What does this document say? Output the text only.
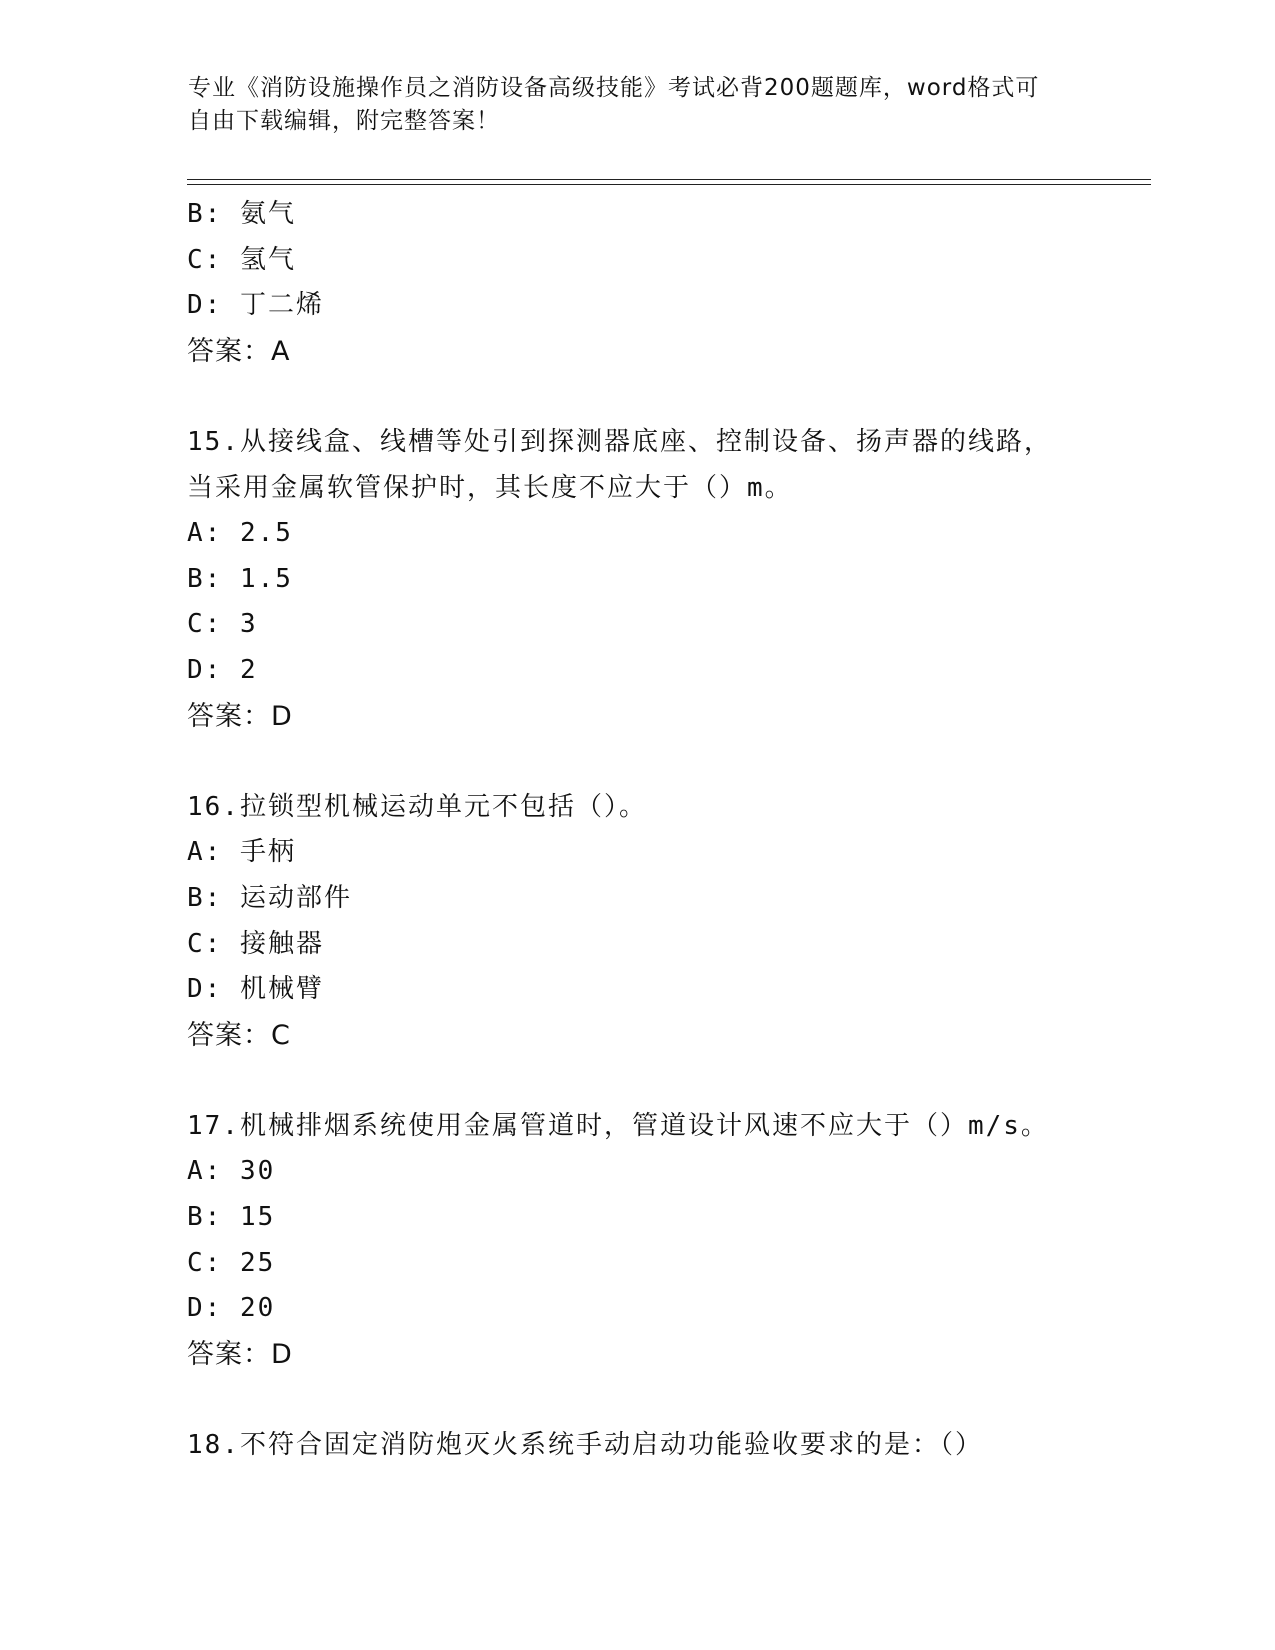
专业《消防设施操作员之消防设备高级技能》考试必背200题题库，word格式可
自由下载编辑，附完整答案！
B: 氨气
C: 氢气
D: 丁二烯
答案：A
15.从接线盒、线槽等处引到探测器底座、控制设备、扬声器的线路，
当采用金属软管保护时，其长度不应大于（）m。
A: 2.5
B: 1.5
C: 3
D: 2
答案：D
16.拉锁型机械运动单元不包括（）。
A: 手柄
B: 运动部件
C: 接触器
D: 机械臂
答案：C
17.机械排烟系统使用金属管道时，管道设计风速不应大于（）m/s。
A: 30
B: 15
C: 25
D: 20
答案：D
18.不符合固定消防炮灭火系统手动启动功能验收要求的是：（）
